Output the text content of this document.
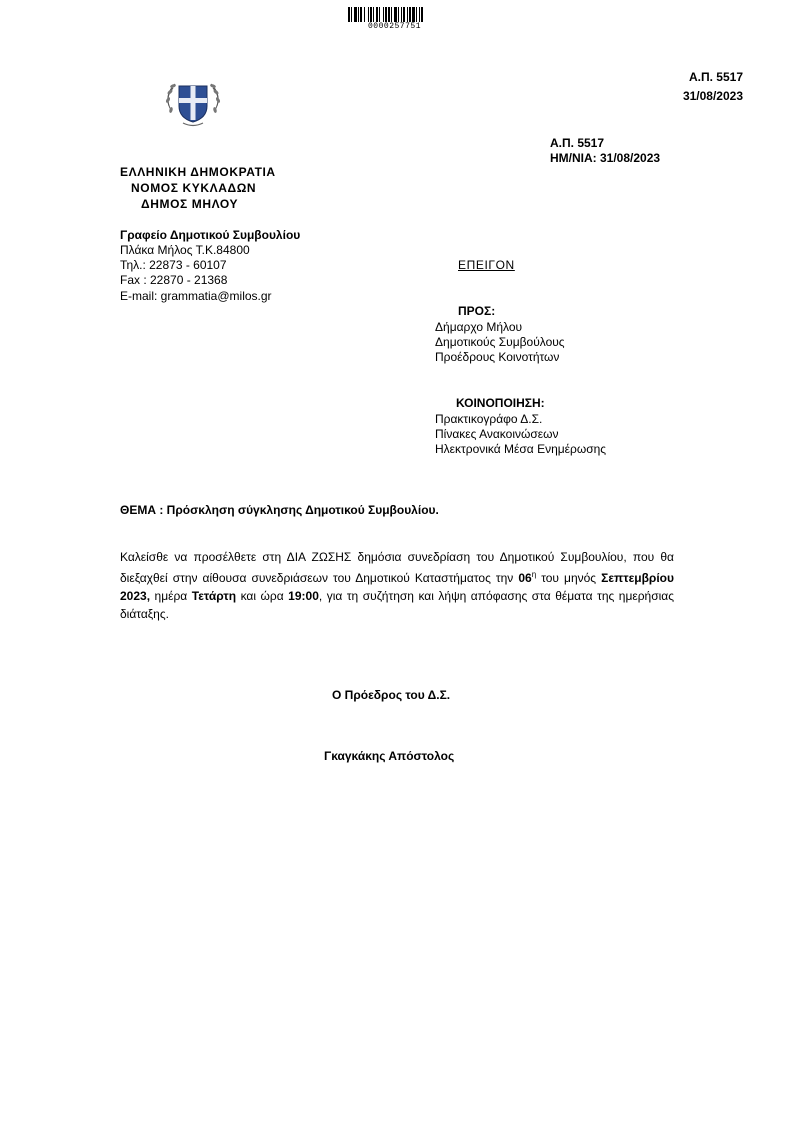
0000257751
Α.Π. 5517
31/08/2023
Α.Π. 5517
ΗΜ/ΝΙΑ: 31/08/2023
ΕΛΛΗΝΙΚΗ ΔΗΜΟΚΡΑΤΙΑ
ΝΟΜΟΣ ΚΥΚΛΑΔΩΝ
ΔΗΜΟΣ ΜΗΛΟΥ
Γραφείο Δημοτικού Συμβουλίου
Πλάκα Μήλος Τ.Κ.84800
Τηλ.: 22873 - 60107
Fax : 22870 - 21368
E-mail: grammatia@milos.gr
ΕΠΕΙΓΟΝ
ΠΡΟΣ:
Δήμαρχο Μήλου
Δημοτικούς Συμβούλους
Προέδρους Κοινοτήτων
ΚΟΙΝΟΠΟΙΗΣΗ:
Πρακτικογράφο Δ.Σ.
Πίνακες Ανακοινώσεων
Ηλεκτρονικά Μέσα Ενημέρωσης
ΘΕΜΑ : Πρόσκληση σύγκλησης Δημοτικού Συμβουλίου.
Καλείσθε να προσέλθετε στη ΔΙΑ ΖΩΣΗΣ δημόσια συνεδρίαση του Δημοτικού Συμβουλίου, που θα διεξαχθεί στην αίθουσα συνεδριάσεων του Δημοτικού Καταστήματος την $06^\eta$ του μηνός Σεπτεμβρίου 2023, ημέρα Τετάρτη και ώρα 19:00, για τη συζήτηση και λήψη απόφασης στα θέματα της ημερήσιας διάταξης.
Ο Πρόεδρος του Δ.Σ.
Γκαγκάκης Απόστολος
